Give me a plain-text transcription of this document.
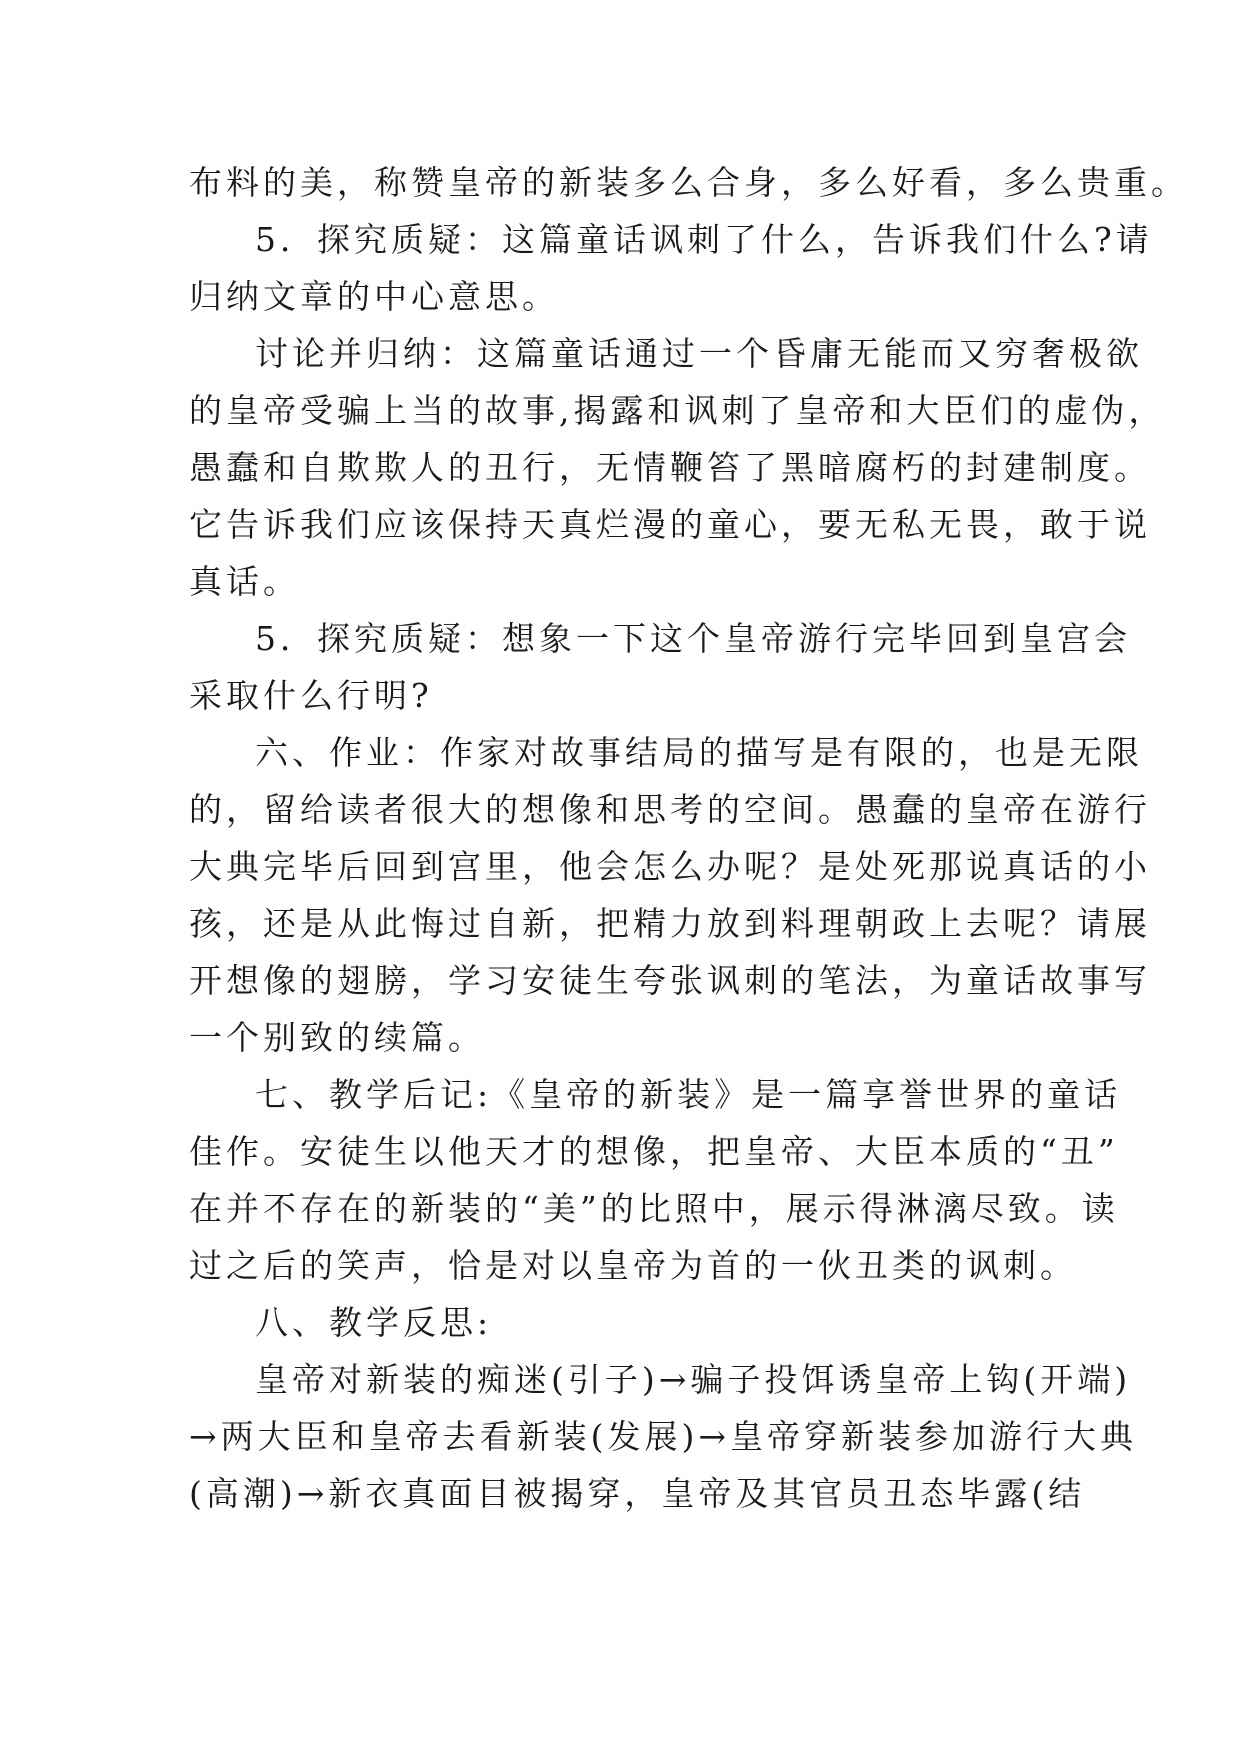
布料的美，称赞皇帝的新装多么合身，多么好看，多么贵重。
5．探究质疑：这篇童话讽刺了什么，告诉我们什么?请
归纳文章的中心意思。
讨论并归纳：这篇童话通过一个昏庸无能而又穷奢极欲
的皇帝受骗上当的故事,揭露和讽刺了皇帝和大臣们的虚伪，
愚蠢和自欺欺人的丑行，无情鞭笞了黑暗腐朽的封建制度。
它告诉我们应该保持天真烂漫的童心，要无私无畏，敢于说
真话。
5．探究质疑：想象一下这个皇帝游行完毕回到皇宫会
采取什么行明?
六、作业：作家对故事结局的描写是有限的，也是无限
的，留给读者很大的想像和思考的空间。愚蠢的皇帝在游行
大典完毕后回到宫里，他会怎么办呢？是处死那说真话的小
孩，还是从此悔过自新，把精力放到料理朝政上去呢？请展
开想像的翅膀，学习安徒生夸张讽刺的笔法，为童话故事写
一个别致的续篇。
七、教学后记:《皇帝的新装》是一篇享誉世界的童话
佳作。安徒生以他天才的想像，把皇帝、大臣本质的“丑”
在并不存在的新装的“美”的比照中，展示得淋漓尽致。读
过之后的笑声，恰是对以皇帝为首的一伙丑类的讽刺。
八、教学反思:
皇帝对新装的痴迷(引子)→骗子投饵诱皇帝上钩(开端)
→两大臣和皇帝去看新装(发展)→皇帝穿新装参加游行大典
(高潮)→新衣真面目被揭穿，皇帝及其官员丑态毕露(结
